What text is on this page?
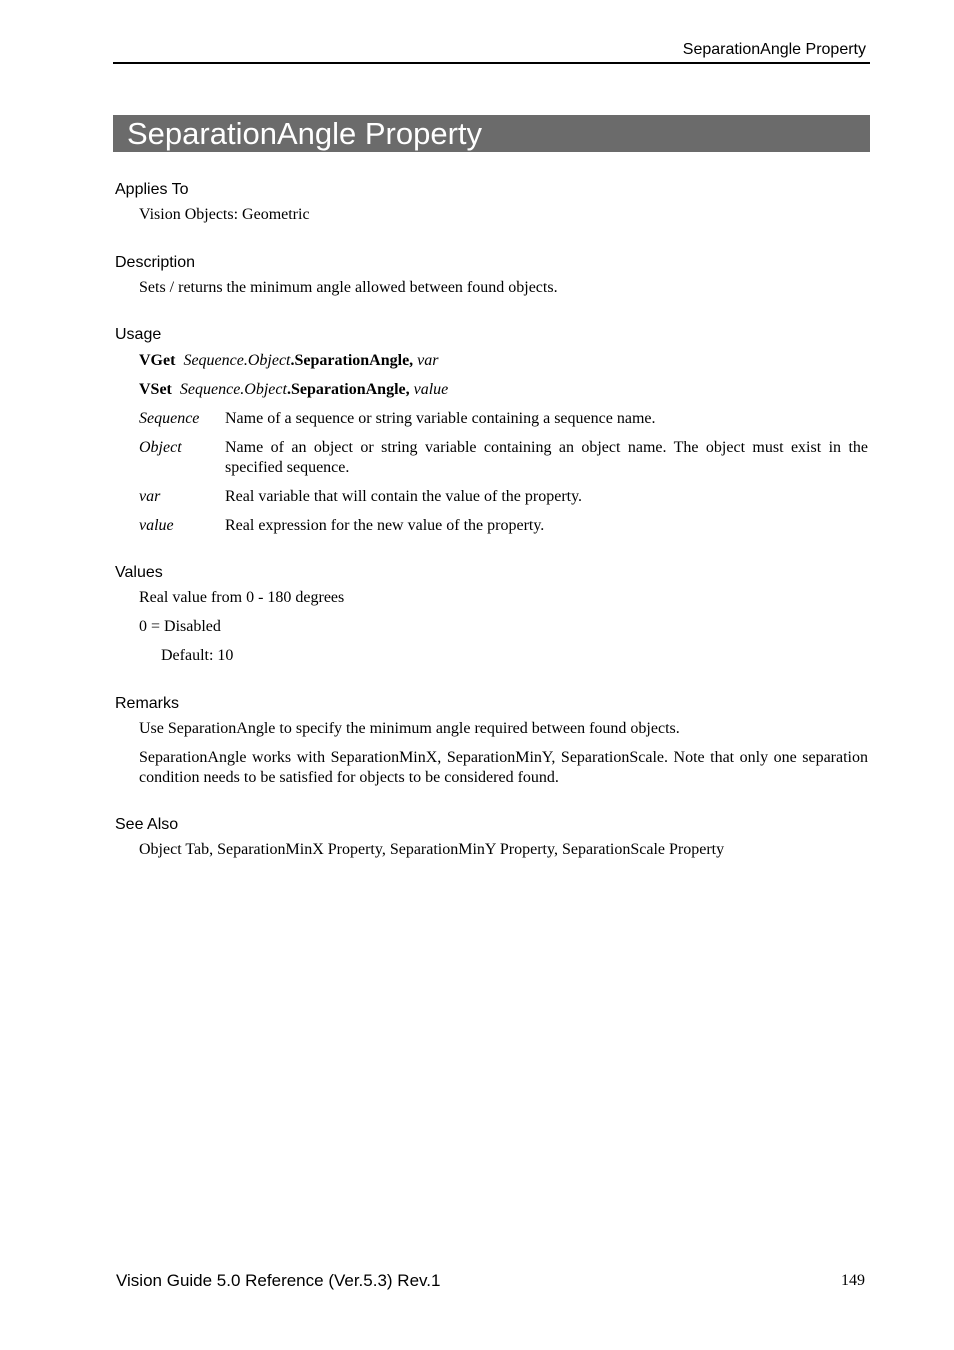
SeparationAngle Property
SeparationAngle Property
Applies To
Vision Objects: Geometric
Description
Sets / returns the minimum angle allowed between found objects.
Usage
VGet Sequence.Object.SeparationAngle, var
VSet Sequence.Object.SeparationAngle, value
Sequence Name of a sequence or string variable containing a sequence name.
Object	Name of an object or string variable containing an object name. The object must exist in the specified sequence.
var	Real variable that will contain the value of the property.
value	Real expression for the new value of the property.
Values
Real value from 0 - 180 degrees
0 = Disabled
Default: 10
Remarks
Use SeparationAngle to specify the minimum angle required between found objects.
SeparationAngle works with SeparationMinX, SeparationMinY, SeparationScale. Note that only one separation condition needs to be satisfied for objects to be considered found.
See Also
Object Tab, SeparationMinX Property, SeparationMinY Property, SeparationScale Property
Vision Guide 5.0 Reference (Ver.5.3) Rev.1	149
